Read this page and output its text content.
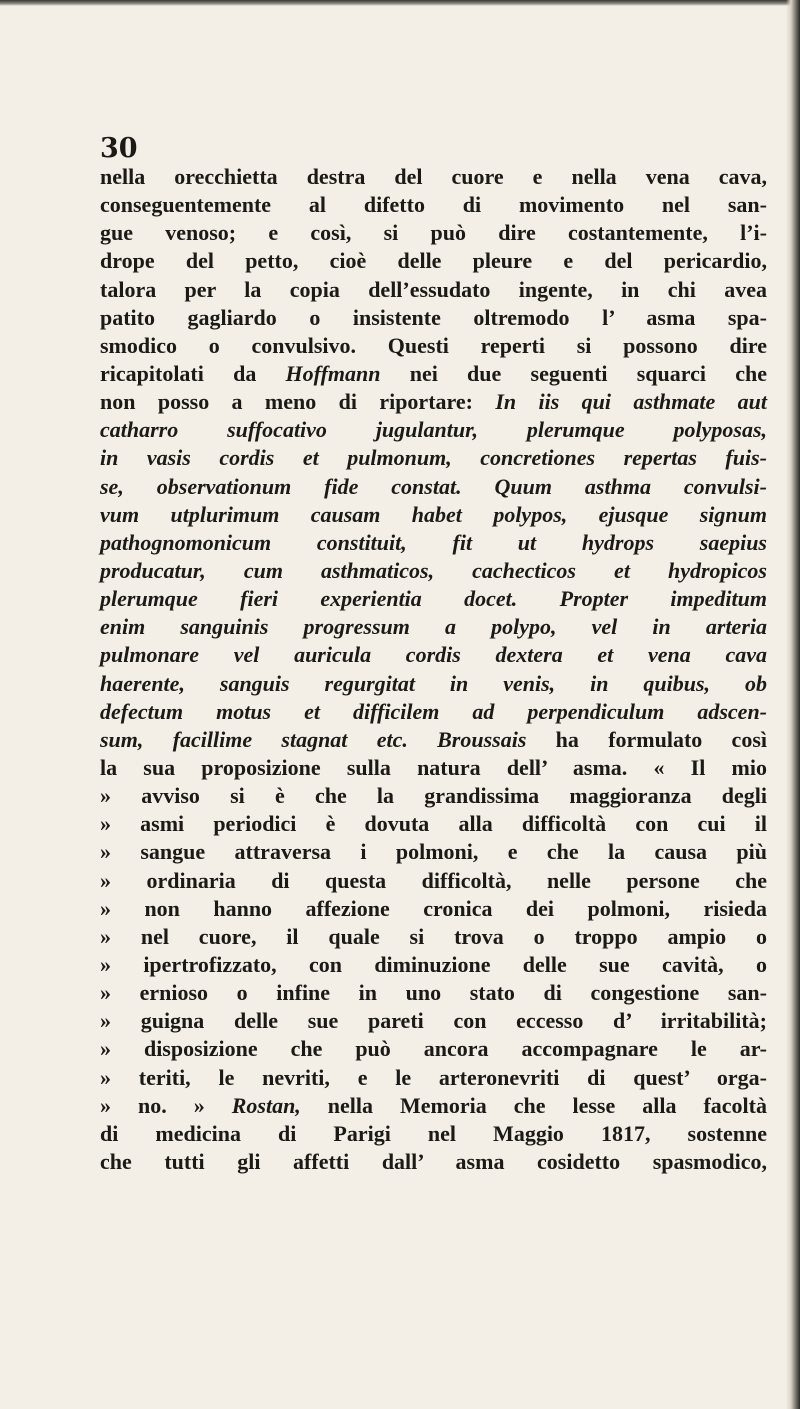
30
nella orecchietta destra del cuore e nella vena cava,
conseguentemente al difetto di movimento nel san-
gue venoso; e così, si può dire costantemente, l’i-
drope del petto, cioè delle pleure e del pericardio,
talora per la copia dell’essudato ingente, in chi avea
patito gagliardo o insistente oltremodo l’ asma spa-
smodico o convulsivo. Questi reperti si possono dire
ricapitolati da Hoffmann nei due seguenti squarci che
non posso a meno di riportare: In iis qui asthmate aut
catharro suffocativo jugulantur, plerumque polyposas,
in vasis cordis et pulmonum, concretiones repertas fuis-
se, observationum fide constat. Quum asthma convulsi-
vum utplurimum causam habet polypos, ejusque signum
pathognomonicum constituit, fit ut hydrops saepius
producatur, cum asthmaticos, cachecticos et hydropicos
plerumque fieri experientia docet. Propter impeditum
enim sanguinis progressum a polypo, vel in arteria
pulmonare vel auricula cordis dextera et vena cava
haerente, sanguis regurgitat in venis, in quibus, ob
defectum motus et difficilem ad perpendiculum adscen-
sum, facillime stagnat etc. Broussais ha formulato così
la sua proposizione sulla natura dell’ asma. « Il mio
» avviso si è che la grandissima maggioranza degli
» asmi periodici è dovuta alla difficoltà con cui il
» sangue attraversa i polmoni, e che la causa più
» ordinaria di questa difficoltà, nelle persone che
» non hanno affezione cronica dei polmoni, risieda
» nel cuore, il quale si trova o troppo ampio o
» ipertrofizzato, con diminuzione delle sue cavità, o
» ernioso o infine in uno stato di congestione san-
» guigna delle sue pareti con eccesso d’ irritabilità;
» disposizione che può ancora accompagnare le ar-
» teriti, le nevriti, e le arteronevriti di quest’ orga-
» no. » Rostan, nella Memoria che lesse alla facoltà
di medicina di Parigi nel Maggio 1817, sostenne
che tutti gli affetti dall’ asma cosidetto spasmodico,
